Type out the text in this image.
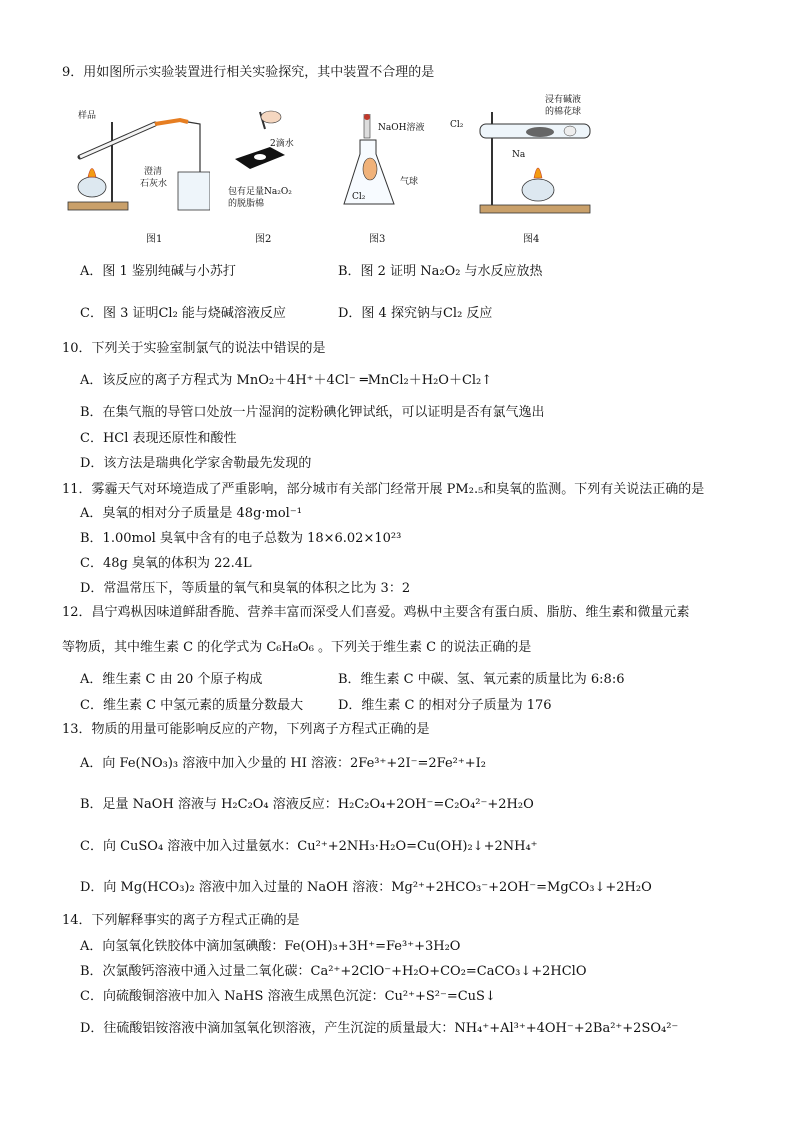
9．用如图所示实验装置进行相关实验探究，其中装置不合理的是
样品
澄清
石灰水
图1
2滴水
包有足量Na₂O₂
的脱脂棉
图2
NaOH溶液
气球
Cl₂
图3
Cl₂
浸有碱液
的棉花球
Na
图4
A．图 1 鉴别纯碱与小苏打	B．图 2 证明 Na₂O₂ 与水反应放热
C．图 3 证明Cl₂ 能与烧碱溶液反应	D．图 4 探究钠与Cl₂ 反应
10．下列关于实验室制氯气的说法中错误的是
A．该反应的离子方程式为 MnO₂＋4H⁺＋4Cl⁻ ═MnCl₂＋H₂O＋Cl₂↑
B．在集气瓶的导管口处放一片湿润的淀粉碘化钾试纸，可以证明是否有氯气逸出
C．HCl 表现还原性和酸性
D．该方法是瑞典化学家舍勒最先发现的
11．雾霾天气对环境造成了严重影响，部分城市有关部门经常开展 PM₂.₅和臭氧的监测。下列有关说法正确的是
A．臭氧的相对分子质量是 48g·mol⁻¹
B．1.00mol 臭氧中含有的电子总数为 18×6.02×10²³
C．48g 臭氧的体积为 22.4L
D．常温常压下，等质量的氧气和臭氧的体积之比为 3：2
12．昌宁鸡枞因味道鲜甜香脆、营养丰富而深受人们喜爱。鸡枞中主要含有蛋白质、脂肪、维生素和微量元素
等物质，其中维生素 C 的化学式为 C₆H₈O₆ 。下列关于维生素 C 的说法正确的是
A．维生素 C 由 20 个原子构成	B．维生素 C 中碳、氢、氧元素的质量比为 6:8:6
C．维生素 C 中氢元素的质量分数最大	D．维生素 C 的相对分子质量为 176
13．物质的用量可能影响反应的产物，下列离子方程式正确的是
A．向 Fe(NO₃)₃ 溶液中加入少量的 HI 溶液：2Fe³⁺+2I⁻=2Fe²⁺+I₂
B．足量 NaOH 溶液与 H₂C₂O₄ 溶液反应：H₂C₂O₄+2OH⁻=C₂O₄²⁻+2H₂O
C．向 CuSO₄ 溶液中加入过量氨水：Cu²⁺+2NH₃·H₂O=Cu(OH)₂↓+2NH₄⁺
D．向 Mg(HCO₃)₂ 溶液中加入过量的 NaOH 溶液：Mg²⁺+2HCO₃⁻+2OH⁻=MgCO₃↓+2H₂O
14．下列解释事实的离子方程式正确的是
A．向氢氧化铁胶体中滴加氢碘酸：Fe(OH)₃+3H⁺=Fe³⁺+3H₂O
B．次氯酸钙溶液中通入过量二氧化碳：Ca²⁺+2ClO⁻+H₂O+CO₂=CaCO₃↓+2HClO
C．向硫酸铜溶液中加入 NaHS 溶液生成黑色沉淀：Cu²⁺+S²⁻=CuS↓
D．往硫酸铝铵溶液中滴加氢氧化钡溶液，产生沉淀的质量最大：NH₄⁺+Al³⁺+4OH⁻+2Ba²⁺+2SO₄²⁻
